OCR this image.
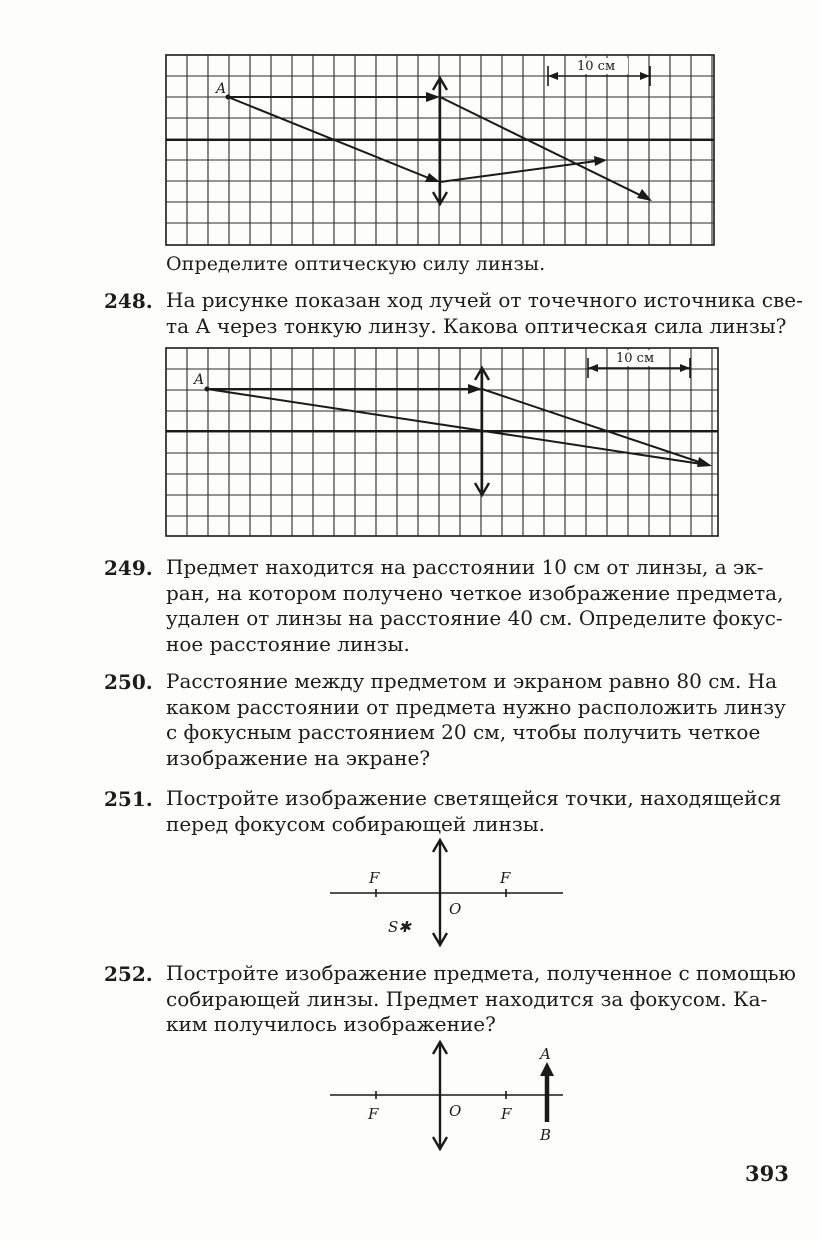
A
10 см
Определите оптическую силу линзы.
248. На рисунке показан ход лучей от точечного источника све-
та А через тонкую линзу. Какова оптическая сила линзы?
A
10 см
249. Предмет находится на расстоянии 10 см от линзы, а эк-
ран, на котором получено четкое изображение предмета,
удален от линзы на расстояние 40 см. Определите фокус-
ное расстояние линзы.
250. Расстояние между предметом и экраном равно 80 см. На
каком расстоянии от предмета нужно расположить линзу
с фокусным расстоянием 20 см, чтобы получить четкое
изображение на экране?
251. Постройте изображение светящейся точки, находящейся
перед фокусом собирающей линзы.
F	F
O
S✱
252. Постройте изображение предмета, полученное с помощью
собирающей линзы. Предмет находится за фокусом. Ка-
ким получилось изображение?
F	F
O
A
B
393
